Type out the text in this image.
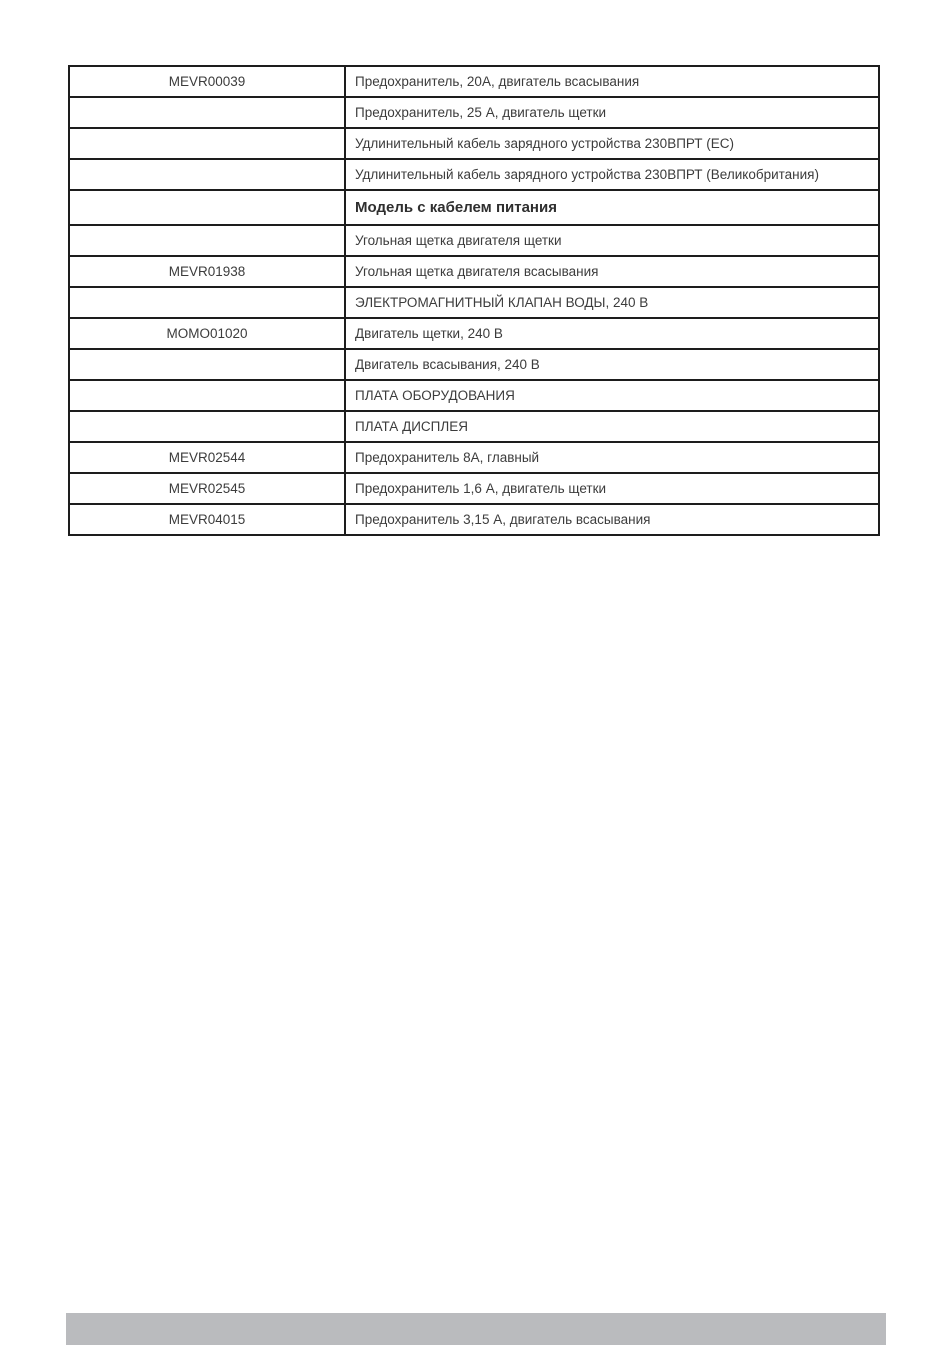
MEVR00039	Предохранитель, 20А, двигатель всасывания
	Предохранитель, 25 А, двигатель щетки
	Удлинительный кабель зарядного устройства 230ВПРТ (ЕС)
	Удлинительный кабель зарядного устройства 230ВПРТ (Великобритания)
	Модель с кабелем питания
	Угольная щетка двигателя щетки
MEVR01938	Угольная щетка двигателя всасывания
	ЭЛЕКТРОМАГНИТНЫЙ КЛАПАН ВОДЫ, 240 В
MOMO01020	Двигатель щетки, 240 В
	Двигатель всасывания, 240 В
	ПЛАТА ОБОРУДОВАНИЯ
	ПЛАТА ДИСПЛЕЯ
MEVR02544	Предохранитель 8А, главный
MEVR02545	Предохранитель 1,6 А, двигатель щетки
MEVR04015	Предохранитель 3,15 А, двигатель всасывания
